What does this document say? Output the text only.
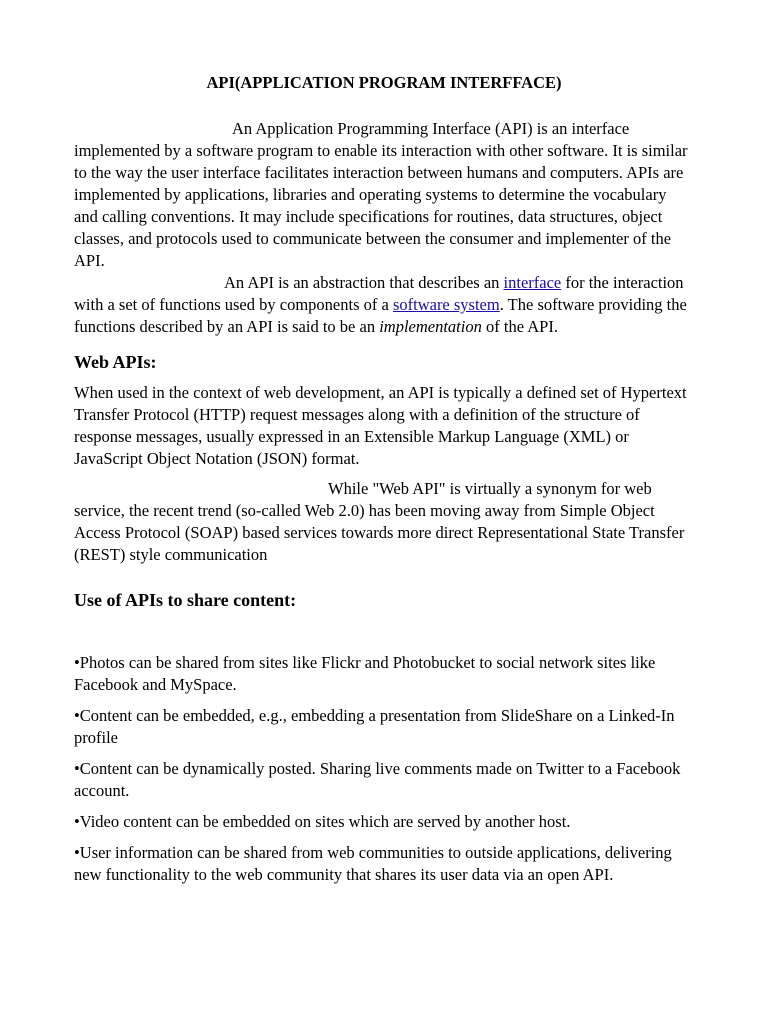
API(APPLICATION PROGRAM INTERFFACE)

An Application Programming Interface (API) is an interface implemented by a software program to enable its interaction with other software. It is similar to the way the user interface facilitates interaction between humans and computers. APIs are implemented by applications, libraries and operating systems to determine the vocabulary and calling conventions. It may include specifications for routines, data structures, object classes, and protocols used to communicate between the consumer and implementer of the API.

An API is an abstraction that describes an interface for the interaction with a set of functions used by components of a software system. The software providing the functions described by an API is said to be an implementation of the API.

Web APIs:

When used in the context of web development, an API is typically a defined set of Hypertext Transfer Protocol (HTTP) request messages along with a definition of the structure of response messages, usually expressed in an Extensible Markup Language (XML) or JavaScript Object Notation (JSON) format.

While "Web API" is virtually a synonym for web service, the recent trend (so-called Web 2.0) has been moving away from Simple Object Access Protocol (SOAP) based services towards more direct Representational State Transfer (REST) style communication

Use of APIs to share content:

•Photos can be shared from sites like Flickr and Photobucket to social network sites like Facebook and MySpace.

•Content can be embedded, e.g., embedding a presentation from SlideShare on a Linked-In profile

•Content can be dynamically posted. Sharing live comments made on Twitter to a Facebook account.

•Video content can be embedded on sites which are served by another host.

•User information can be shared from web communities to outside applications, delivering new functionality to the web community that shares its user data via an open API.
